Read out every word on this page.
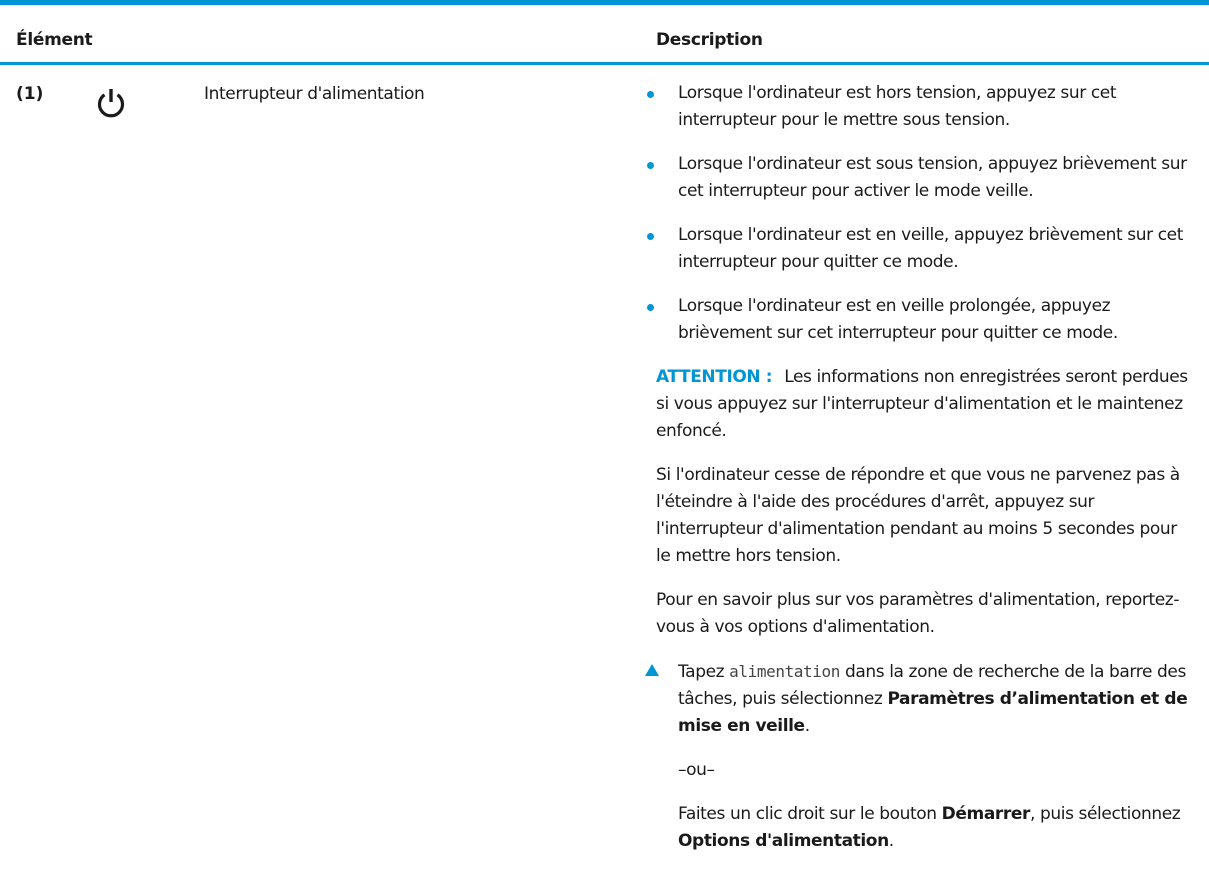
Élément	Description
(1)	Interrupteur d'alimentation	Lorsque l'ordinateur est hors tension, appuyez sur cet interrupteur pour le mettre sous tension.
Lorsque l'ordinateur est sous tension, appuyez brièvement sur cet interrupteur pour activer le mode veille.
Lorsque l'ordinateur est en veille, appuyez brièvement sur cet interrupteur pour quitter ce mode.
Lorsque l'ordinateur est en veille prolongée, appuyez brièvement sur cet interrupteur pour quitter ce mode.

ATTENTION : Les informations non enregistrées seront perdues si vous appuyez sur l'interrupteur d'alimentation et le maintenez enfoncé.

Si l'ordinateur cesse de répondre et que vous ne parvenez pas à l'éteindre à l'aide des procédures d'arrêt, appuyez sur l'interrupteur d'alimentation pendant au moins 5 secondes pour le mettre hors tension.

Pour en savoir plus sur vos paramètres d'alimentation, reportez-vous à vos options d'alimentation.

Tapez alimentation dans la zone de recherche de la barre des tâches, puis sélectionnez Paramètres d’alimentation et de mise en veille.

–ou–

Faites un clic droit sur le bouton Démarrer, puis sélectionnez Options d'alimentation.
